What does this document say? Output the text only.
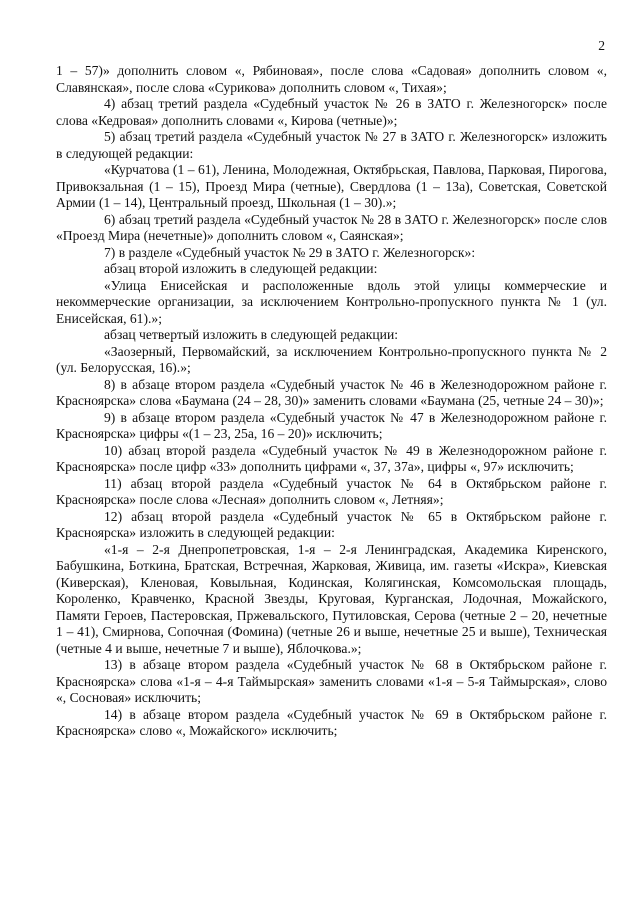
2

1 – 57)» дополнить словом «, Рябиновая», после слова «Садовая» дополнить словом «, Славянская», после слова «Сурикова» дополнить словом «, Тихая»;

4) абзац третий раздела «Судебный участок № 26 в ЗАТО г. Железногорск» после слова «Кедровая» дополнить словами «, Кирова (четные)»;

5) абзац третий раздела «Судебный участок № 27 в ЗАТО г. Железногорск» изложить в следующей редакции:

«Курчатова (1 – 61), Ленина, Молодежная, Октябрьская, Павлова, Парковая, Пирогова, Привокзальная (1 – 15), Проезд Мира (четные), Свердлова (1 – 13а), Советская, Советской Армии (1 – 14), Центральный проезд, Школьная (1 – 30).»;

6) абзац третий раздела «Судебный участок № 28 в ЗАТО г. Железногорск» после слов «Проезд Мира (нечетные)» дополнить словом «, Саянская»;

7) в разделе «Судебный участок № 29 в ЗАТО г. Железногорск»:

абзац второй изложить в следующей редакции:

«Улица Енисейская и расположенные вдоль этой улицы коммерческие и некоммерческие организации, за исключением Контрольно-пропускного пункта № 1 (ул. Енисейская, 61).»;

абзац четвертый изложить в следующей редакции:

«Заозерный, Первомайский, за исключением Контрольно-пропускного пункта № 2 (ул. Белорусская, 16).»;

8) в абзаце втором раздела «Судебный участок № 46 в Железнодорожном районе г. Красноярска» слова «Баумана (24 – 28, 30)» заменить словами «Баумана (25, четные 24 – 30)»;

9) в абзаце втором раздела «Судебный участок № 47 в Железнодорожном районе г. Красноярска» цифры «(1 – 23, 25а, 16 – 20)» исключить;

10) абзац второй раздела «Судебный участок № 49 в Железнодорожном районе г. Красноярска» после цифр «33» дополнить цифрами «, 37, 37а», цифры «, 97» исключить;

11) абзац второй раздела «Судебный участок № 64 в Октябрьском районе г. Красноярска» после слова «Лесная» дополнить словом «, Летняя»;

12) абзац второй раздела «Судебный участок № 65 в Октябрьском районе г. Красноярска» изложить в следующей редакции:

«1-я – 2-я Днепропетровская, 1-я – 2-я Ленинградская, Академика Киренского, Бабушкина, Боткина, Братская, Встречная, Жарковая, Живица, им. газеты «Искра», Киевская (Киверская), Кленовая, Ковыльная, Кодинская, Колягинская, Комсомольская площадь, Короленко, Кравченко, Красной Звезды, Круговая, Курганская, Лодочная, Можайского, Памяти Героев, Пастеровская, Пржевальского, Путиловская, Серова (четные 2 – 20, нечетные 1 – 41), Смирнова, Сопочная (Фомина) (четные 26 и выше, нечетные 25 и выше), Техническая (четные 4 и выше, нечетные 7 и выше), Яблочкова.»;

13) в абзаце втором раздела «Судебный участок № 68 в Октябрьском районе г. Красноярска» слова «1-я – 4-я Таймырская» заменить словами «1-я – 5-я Таймырская», слово «, Сосновая» исключить;

14) в абзаце втором раздела «Судебный участок № 69 в Октябрьском районе г. Красноярска» слово «, Можайского» исключить;
